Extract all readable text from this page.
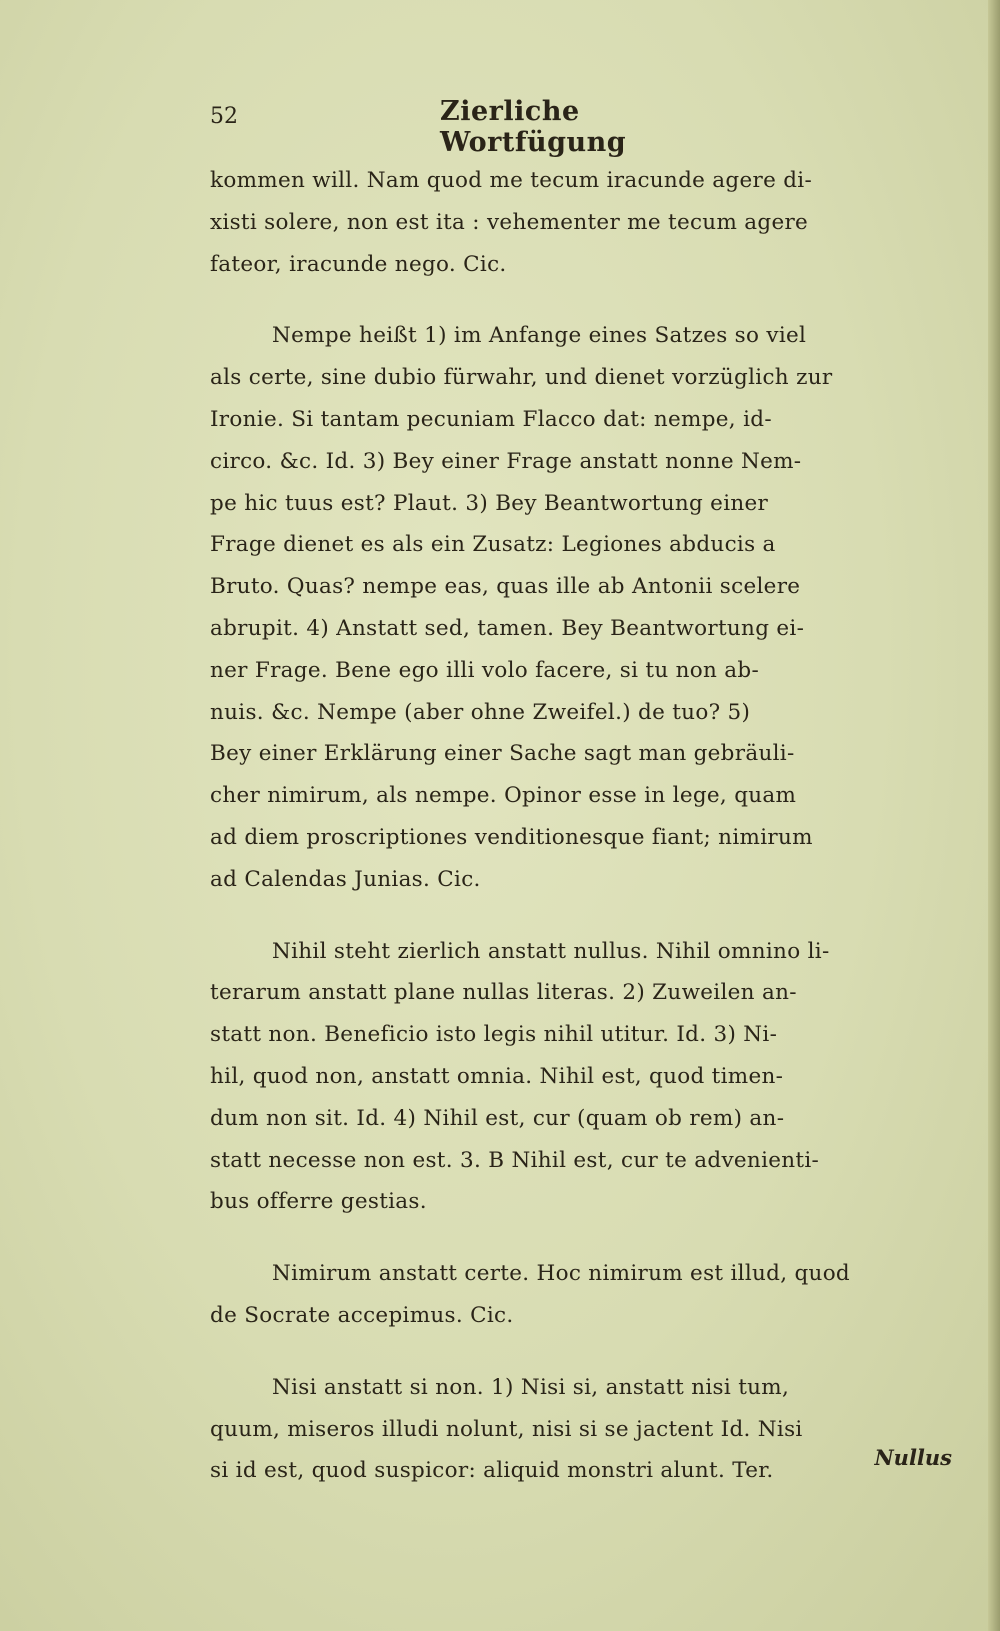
52	Zierliche Wortfügung
kommen will. Nam quod me tecum iracunde agere di-
xisti solere, non est ita : vehementer me tecum agere
fateor, iracunde nego. Cic.
Nempe heißt 1) im Anfange eines Satzes so viel
als certe, sine dubio fürwahr, und dienet vorzüglich zur
Ironie. Si tantam pecuniam Flacco dat: nempe, id-
circo. &c. Id. 3) Bey einer Frage anstatt nonne Nem-
pe hic tuus est? Plaut. 3) Bey Beantwortung einer
Frage dienet es als ein Zusatz: Legiones abducis a
Bruto. Quas? nempe eas, quas ille ab Antonii scelere
abrupit. 4) Anstatt sed, tamen. Bey Beantwortung ei-
ner Frage. Bene ego illi volo facere, si tu non ab-
nuis. &c. Nempe (aber ohne Zweifel.) de tuo? 5)
Bey einer Erklärung einer Sache sagt man gebräuli-
cher nimirum, als nempe. Opinor esse in lege, quam
ad diem proscriptiones venditionesque fiant; nimirum
ad Calendas Junias. Cic.
Nihil steht zierlich anstatt nullus. Nihil omnino li-
terarum anstatt plane nullas literas. 2) Zuweilen an-
statt non. Beneficio isto legis nihil utitur. Id. 3) Ni-
hil, quod non, anstatt omnia. Nihil est, quod timen-
dum non sit. Id. 4) Nihil est, cur (quam ob rem) an-
statt necesse non est. 3. B Nihil est, cur te advenienti-
bus offerre gestias.
Nimirum anstatt certe. Hoc nimirum est illud, quod
de Socrate accepimus. Cic.
Nisi anstatt si non. 1) Nisi si, anstatt nisi tum,
quum, miseros illudi nolunt, nisi si se jactent Id. Nisi
si id est, quod suspicor: aliquid monstri alunt. Ter.
Nullus
